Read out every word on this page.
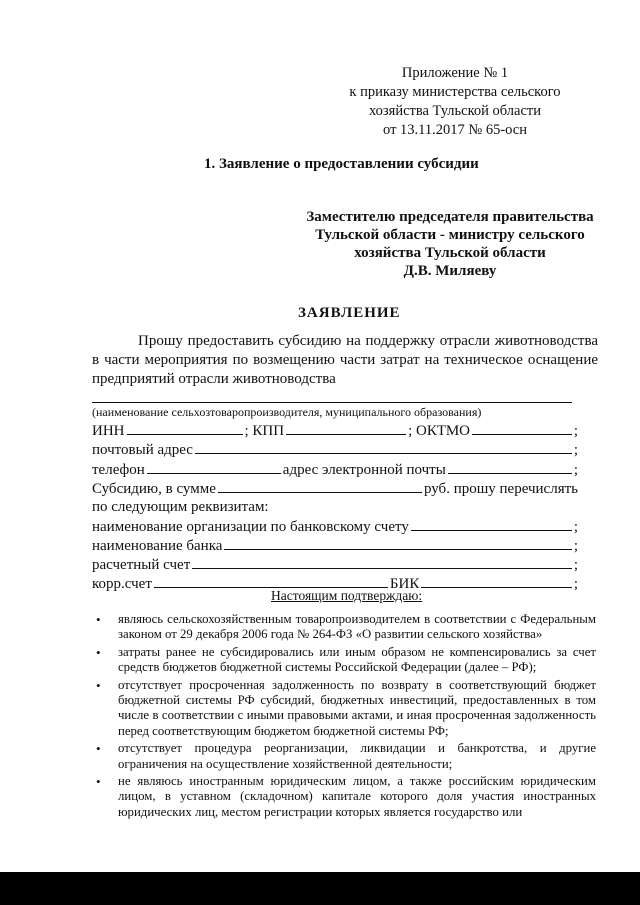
Приложение № 1
к приказу министерства сельского
хозяйства Тульской области
от 13.11.2017 № 65-осн
1. Заявление о предоставлении субсидии
Заместителю председателя правительства
Тульской области - министру сельского
хозяйства Тульской области
Д.В. Миляеву
ЗАЯВЛЕНИЕ
Прошу предоставить субсидию на поддержку отрасли животноводства в части мероприятия по возмещению части затрат на техническое оснащение предприятий отрасли животноводства
(наименование сельхозтоваропроизводителя, муниципального образования)
ИНН	; КПП	; ОКТМО	;
почтовый адрес	;
телефон	адрес электронной почты	;
Субсидию, в сумме	руб. прошу перечислять
по следующим реквизитам:
наименование организации по банковскому счету	;
наименование банка	;
расчетный счет	;
корр.счет	БИК	;
Настоящим подтверждаю:
• являюсь сельскохозяйственным товаропроизводителем в соответствии с Федеральным законом от 29 декабря 2006 года № 264-ФЗ «О развитии сельского хозяйства»
• затраты ранее не субсидировались или иным образом не компенсировались за счет средств бюджетов бюджетной системы Российской Федерации (далее – РФ);
• отсутствует просроченная задолженность по возврату в соответствующий бюджет бюджетной системы РФ субсидий, бюджетных инвестиций, предоставленных в том числе в соответствии с иными правовыми актами, и иная просроченная задолженность перед соответствующим бюджетом бюджетной системы РФ;
• отсутствует процедура реорганизации, ликвидации и банкротства, и другие ограничения на осуществление хозяйственной деятельности;
• не являюсь иностранным юридическим лицом, а также российским юридическим лицом, в уставном (складочном) капитале которого доля участия иностранных юридических лиц, местом регистрации которых является государство или
